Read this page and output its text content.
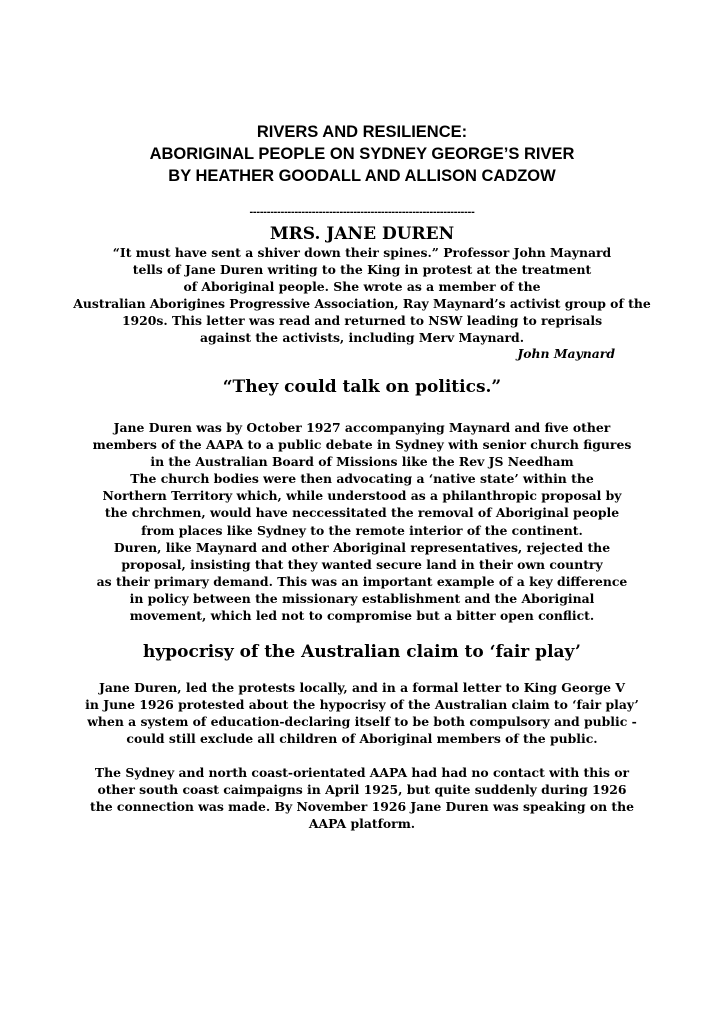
RIVERS AND RESILIENCE:
ABORIGINAL PEOPLE ON SYDNEY GEORGE’S RIVER
BY HEATHER GOODALL AND ALLISON CADZOW
-----------------------------------------------------------------
MRS. JANE DUREN
“It must have sent a shiver down their spines.” Professor John Maynard
tells of Jane Duren writing to the King in protest at the treatment
of Aboriginal people. She wrote as a member of the
Australian Aborigines Progressive Association, Ray Maynard’s activist group of the
1920s. This letter was read and returned to NSW leading to reprisals
against the activists, including Merv Maynard.
John Maynard
“They could talk on politics.”
Jane Duren was by October 1927 accompanying Maynard and five other
members of the AAPA to a public debate in Sydney with senior church figures
in the Australian Board of Missions like the Rev JS Needham
The church bodies were then advocating a ‘native state’ within the
Northern Territory which, while understood as a philanthropic proposal by
the chrchmen, would have neccessitated the removal of Aboriginal people
from places like Sydney to the remote interior of the continent.
Duren, like Maynard and other Aboriginal representatives, rejected the
proposal, insisting that they wanted secure land in their own country
as their primary demand. This was an important example of a key difference
in policy between the missionary establishment and the Aboriginal
movement, which led not to compromise but a bitter open conflict.
hypocrisy of the Australian claim to ‘fair play’
Jane Duren, led the protests locally, and in a formal letter to King George V
in June 1926 protested about the hypocrisy of the Australian claim to ‘fair play’
when a system of education-declaring itself to be both compulsory and public -
could still exclude all children of Aboriginal members of the public.
The Sydney and north coast-orientated AAPA had had no contact with this or
other south coast caimpaigns in April 1925, but quite suddenly during 1926
the connection was made. By November 1926 Jane Duren was speaking on the
AAPA platform.
